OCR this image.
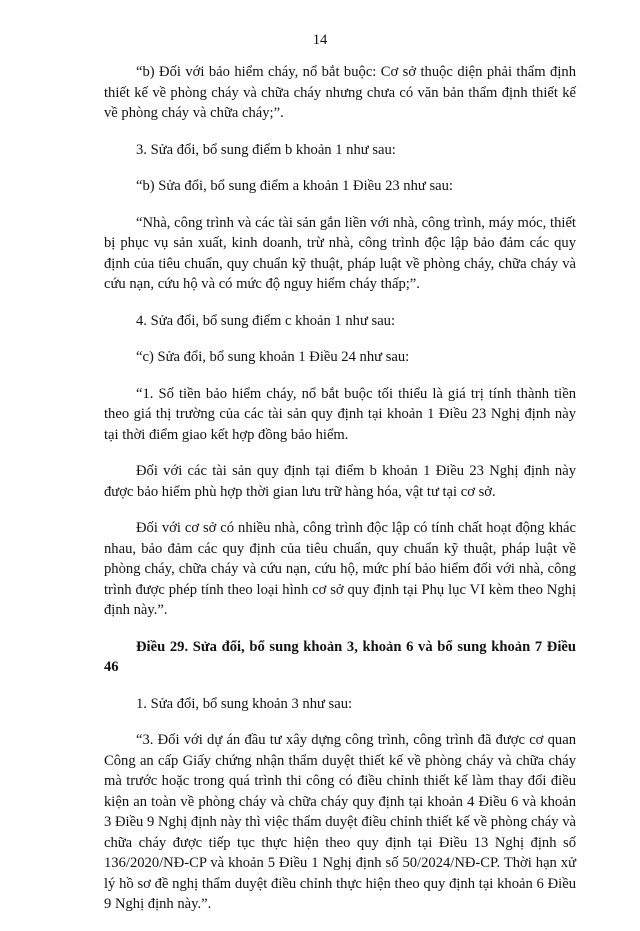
14

“b) Đối với bảo hiểm cháy, nổ bắt buộc: Cơ sở thuộc diện phải thẩm định thiết kế về phòng cháy và chữa cháy nhưng chưa có văn bản thẩm định thiết kế về phòng cháy và chữa cháy;”.

3. Sửa đổi, bổ sung điểm b khoản 1 như sau:

“b) Sửa đổi, bổ sung điểm a khoản 1 Điều 23 như sau:

“Nhà, công trình và các tài sản gắn liền với nhà, công trình, máy móc, thiết bị phục vụ sản xuất, kinh doanh, trừ nhà, công trình độc lập bảo đảm các quy định của tiêu chuẩn, quy chuẩn kỹ thuật, pháp luật về phòng cháy, chữa cháy và cứu nạn, cứu hộ và có mức độ nguy hiểm cháy thấp;”.

4. Sửa đổi, bổ sung điểm c khoản 1 như sau:

“c) Sửa đổi, bổ sung khoản 1 Điều 24 như sau:

“1. Số tiền bảo hiểm cháy, nổ bắt buộc tối thiểu là giá trị tính thành tiền theo giá thị trường của các tài sản quy định tại khoản 1 Điều 23 Nghị định này tại thời điểm giao kết hợp đồng bảo hiểm.

Đối với các tài sản quy định tại điểm b khoản 1 Điều 23 Nghị định này được bảo hiểm phù hợp thời gian lưu trữ hàng hóa, vật tư tại cơ sở.

Đối với cơ sở có nhiều nhà, công trình độc lập có tính chất hoạt động khác nhau, bảo đảm các quy định của tiêu chuẩn, quy chuẩn kỹ thuật, pháp luật về phòng cháy, chữa cháy và cứu nạn, cứu hộ, mức phí bảo hiểm đối với nhà, công trình được phép tính theo loại hình cơ sở quy định tại Phụ lục VI kèm theo Nghị định này.”.

Điều 29. Sửa đổi, bổ sung khoản 3, khoản 6 và bổ sung khoản 7 Điều 46

1. Sửa đổi, bổ sung khoản 3 như sau:

“3. Đối với dự án đầu tư xây dựng công trình, công trình đã được cơ quan Công an cấp Giấy chứng nhận thẩm duyệt thiết kế về phòng cháy và chữa cháy mà trước hoặc trong quá trình thi công có điều chỉnh thiết kế làm thay đổi điều kiện an toàn về phòng cháy và chữa cháy quy định tại khoản 4 Điều 6 và khoản 3 Điều 9 Nghị định này thì việc thẩm duyệt điều chỉnh thiết kế về phòng cháy và chữa cháy được tiếp tục thực hiện theo quy định tại Điều 13 Nghị định số 136/2020/NĐ-CP và khoản 5 Điều 1 Nghị định số 50/2024/NĐ-CP. Thời hạn xử lý hồ sơ đề nghị thẩm duyệt điều chỉnh thực hiện theo quy định tại khoản 6 Điều 9 Nghị định này.”.
